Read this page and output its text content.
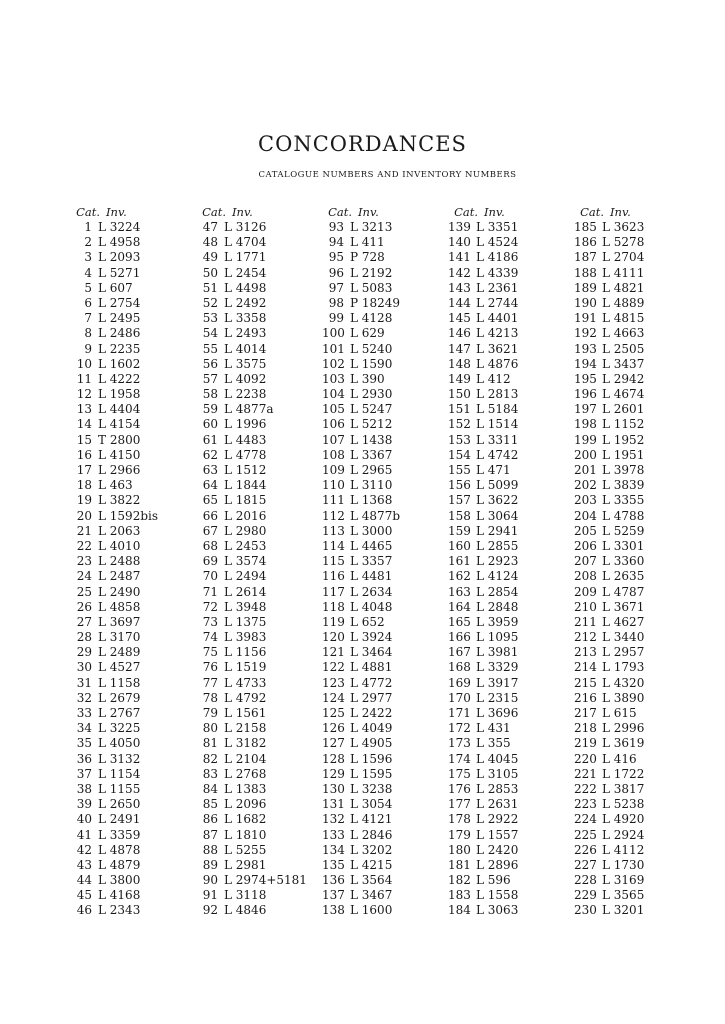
CONCORDANCES
CATALOGUE NUMBERS AND INVENTORY NUMBERS
Cat. Inv.
1 L 3224
2 L 4958
3 L 2093
4 L 5271
5 L 607
6 L 2754
7 L 2495
8 L 2486
9 L 2235
10 L 1602
11 L 4222
12 L 1958
13 L 4404
14 L 4154
15 T 2800
16 L 4150
17 L 2966
18 L 463
19 L 3822
20 L 1592bis
21 L 2063
22 L 4010
23 L 2488
24 L 2487
25 L 2490
26 L 4858
27 L 3697
28 L 3170
29 L 2489
30 L 4527
31 L 1158
32 L 2679
33 L 2767
34 L 3225
35 L 4050
36 L 3132
37 L 1154
38 L 1155
39 L 2650
40 L 2491
41 L 3359
42 L 4878
43 L 4879
44 L 3800
45 L 4168
46 L 2343
Cat. Inv.
47 L 3126
48 L 4704
49 L 1771
50 L 2454
51 L 4498
52 L 2492
53 L 3358
54 L 2493
55 L 4014
56 L 3575
57 L 4092
58 L 2238
59 L 4877a
60 L 1996
61 L 4483
62 L 4778
63 L 1512
64 L 1844
65 L 1815
66 L 2016
67 L 2980
68 L 2453
69 L 3574
70 L 2494
71 L 2614
72 L 3948
73 L 1375
74 L 3983
75 L 1156
76 L 1519
77 L 4733
78 L 4792
79 L 1561
80 L 2158
81 L 3182
82 L 2104
83 L 2768
84 L 1383
85 L 2096
86 L 1682
87 L 1810
88 L 5255
89 L 2981
90 L 2974+5181
91 L 3118
92 L 4846
Cat. Inv.
93 L 3213
94 L 411
95 P 728
96 L 2192
97 L 5083
98 P 18249
99 L 4128
100 L 629
101 L 5240
102 L 1590
103 L 390
104 L 2930
105 L 5247
106 L 5212
107 L 1438
108 L 3367
109 L 2965
110 L 3110
111 L 1368
112 L 4877b
113 L 3000
114 L 4465
115 L 3357
116 L 4481
117 L 2634
118 L 4048
119 L 652
120 L 3924
121 L 3464
122 L 4881
123 L 4772
124 L 2977
125 L 2422
126 L 4049
127 L 4905
128 L 1596
129 L 1595
130 L 3238
131 L 3054
132 L 4121
133 L 2846
134 L 3202
135 L 4215
136 L 3564
137 L 3467
138 L 1600
Cat. Inv.
139 L 3351
140 L 4524
141 L 4186
142 L 4339
143 L 2361
144 L 2744
145 L 4401
146 L 4213
147 L 3621
148 L 4876
149 L 412
150 L 2813
151 L 5184
152 L 1514
153 L 3311
154 L 4742
155 L 471
156 L 5099
157 L 3622
158 L 3064
159 L 2941
160 L 2855
161 L 2923
162 L 4124
163 L 2854
164 L 2848
165 L 3959
166 L 1095
167 L 3981
168 L 3329
169 L 3917
170 L 2315
171 L 3696
172 L 431
173 L 355
174 L 4045
175 L 3105
176 L 2853
177 L 2631
178 L 2922
179 L 1557
180 L 2420
181 L 2896
182 L 596
183 L 1558
184 L 3063
Cat. Inv.
185 L 3623
186 L 5278
187 L 2704
188 L 4111
189 L 4821
190 L 4889
191 L 4815
192 L 4663
193 L 2505
194 L 3437
195 L 2942
196 L 4674
197 L 2601
198 L 1152
199 L 1952
200 L 1951
201 L 3978
202 L 3839
203 L 3355
204 L 4788
205 L 5259
206 L 3301
207 L 3360
208 L 2635
209 L 4787
210 L 3671
211 L 4627
212 L 3440
213 L 2957
214 L 1793
215 L 4320
216 L 3890
217 L 615
218 L 2996
219 L 3619
220 L 416
221 L 1722
222 L 3817
223 L 5238
224 L 4920
225 L 2924
226 L 4112
227 L 1730
228 L 3169
229 L 3565
230 L 3201
